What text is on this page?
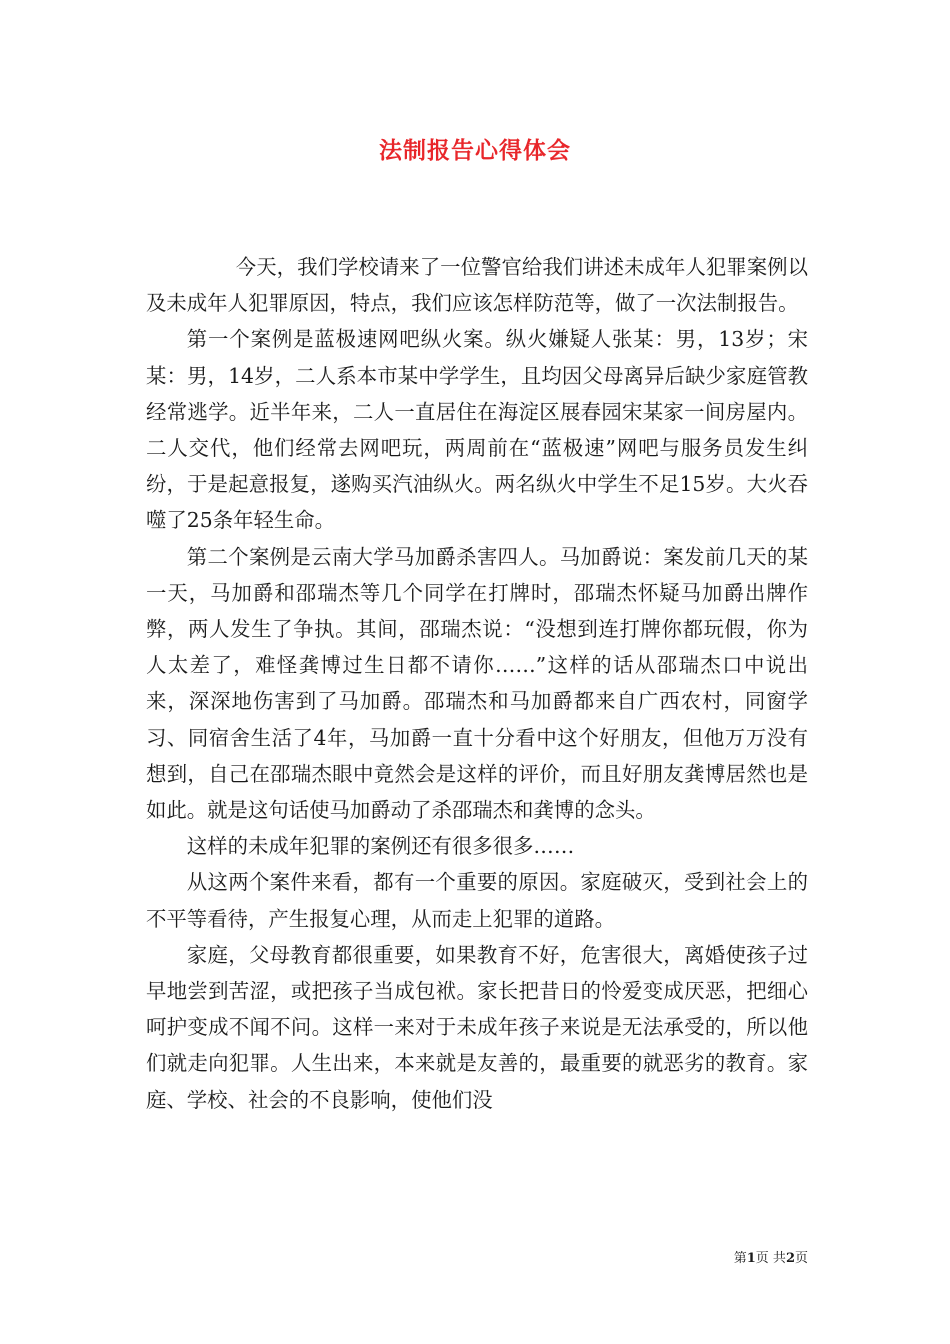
法制报告心得体会

今天，我们学校请来了一位警官给我们讲述未成年人犯罪案例以及未成年人犯罪原因，特点，我们应该怎样防范等，做了一次法制报告。

第一个案例是蓝极速网吧纵火案。纵火嫌疑人张某：男，13岁；宋某：男，14岁，二人系本市某中学学生，且均因父母离异后缺少家庭管教经常逃学。近半年来，二人一直居住在海淀区展春园宋某家一间房屋内。二人交代，他们经常去网吧玩，两周前在“蓝极速”网吧与服务员发生纠纷，于是起意报复，遂购买汽油纵火。两名纵火中学生不足15岁。大火吞噬了25条年轻生命。

第二个案例是云南大学马加爵杀害四人。马加爵说：案发前几天的某一天，马加爵和邵瑞杰等几个同学在打牌时，邵瑞杰怀疑马加爵出牌作弊，两人发生了争执。其间，邵瑞杰说：“没想到连打牌你都玩假，你为人太差了，难怪龚博过生日都不请你……”这样的话从邵瑞杰口中说出来，深深地伤害到了马加爵。邵瑞杰和马加爵都来自广西农村，同窗学习、同宿舍生活了4年，马加爵一直十分看中这个好朋友，但他万万没有想到，自己在邵瑞杰眼中竟然会是这样的评价，而且好朋友龚博居然也是如此。就是这句话使马加爵动了杀邵瑞杰和龚博的念头。

这样的未成年犯罪的案例还有很多很多……

从这两个案件来看，都有一个重要的原因。家庭破灭，受到社会上的不平等看待，产生报复心理，从而走上犯罪的道路。

家庭，父母教育都很重要，如果教育不好，危害很大，离婚使孩子过早地尝到苦涩，或把孩子当成包袱。家长把昔日的怜爱变成厌恶，把细心呵护变成不闻不问。这样一来对于未成年孩子来说是无法承受的，所以他们就走向犯罪。人生出来，本来就是友善的，最重要的就恶劣的教育。家庭、学校、社会的不良影响，使他们没

第1页 共2页
